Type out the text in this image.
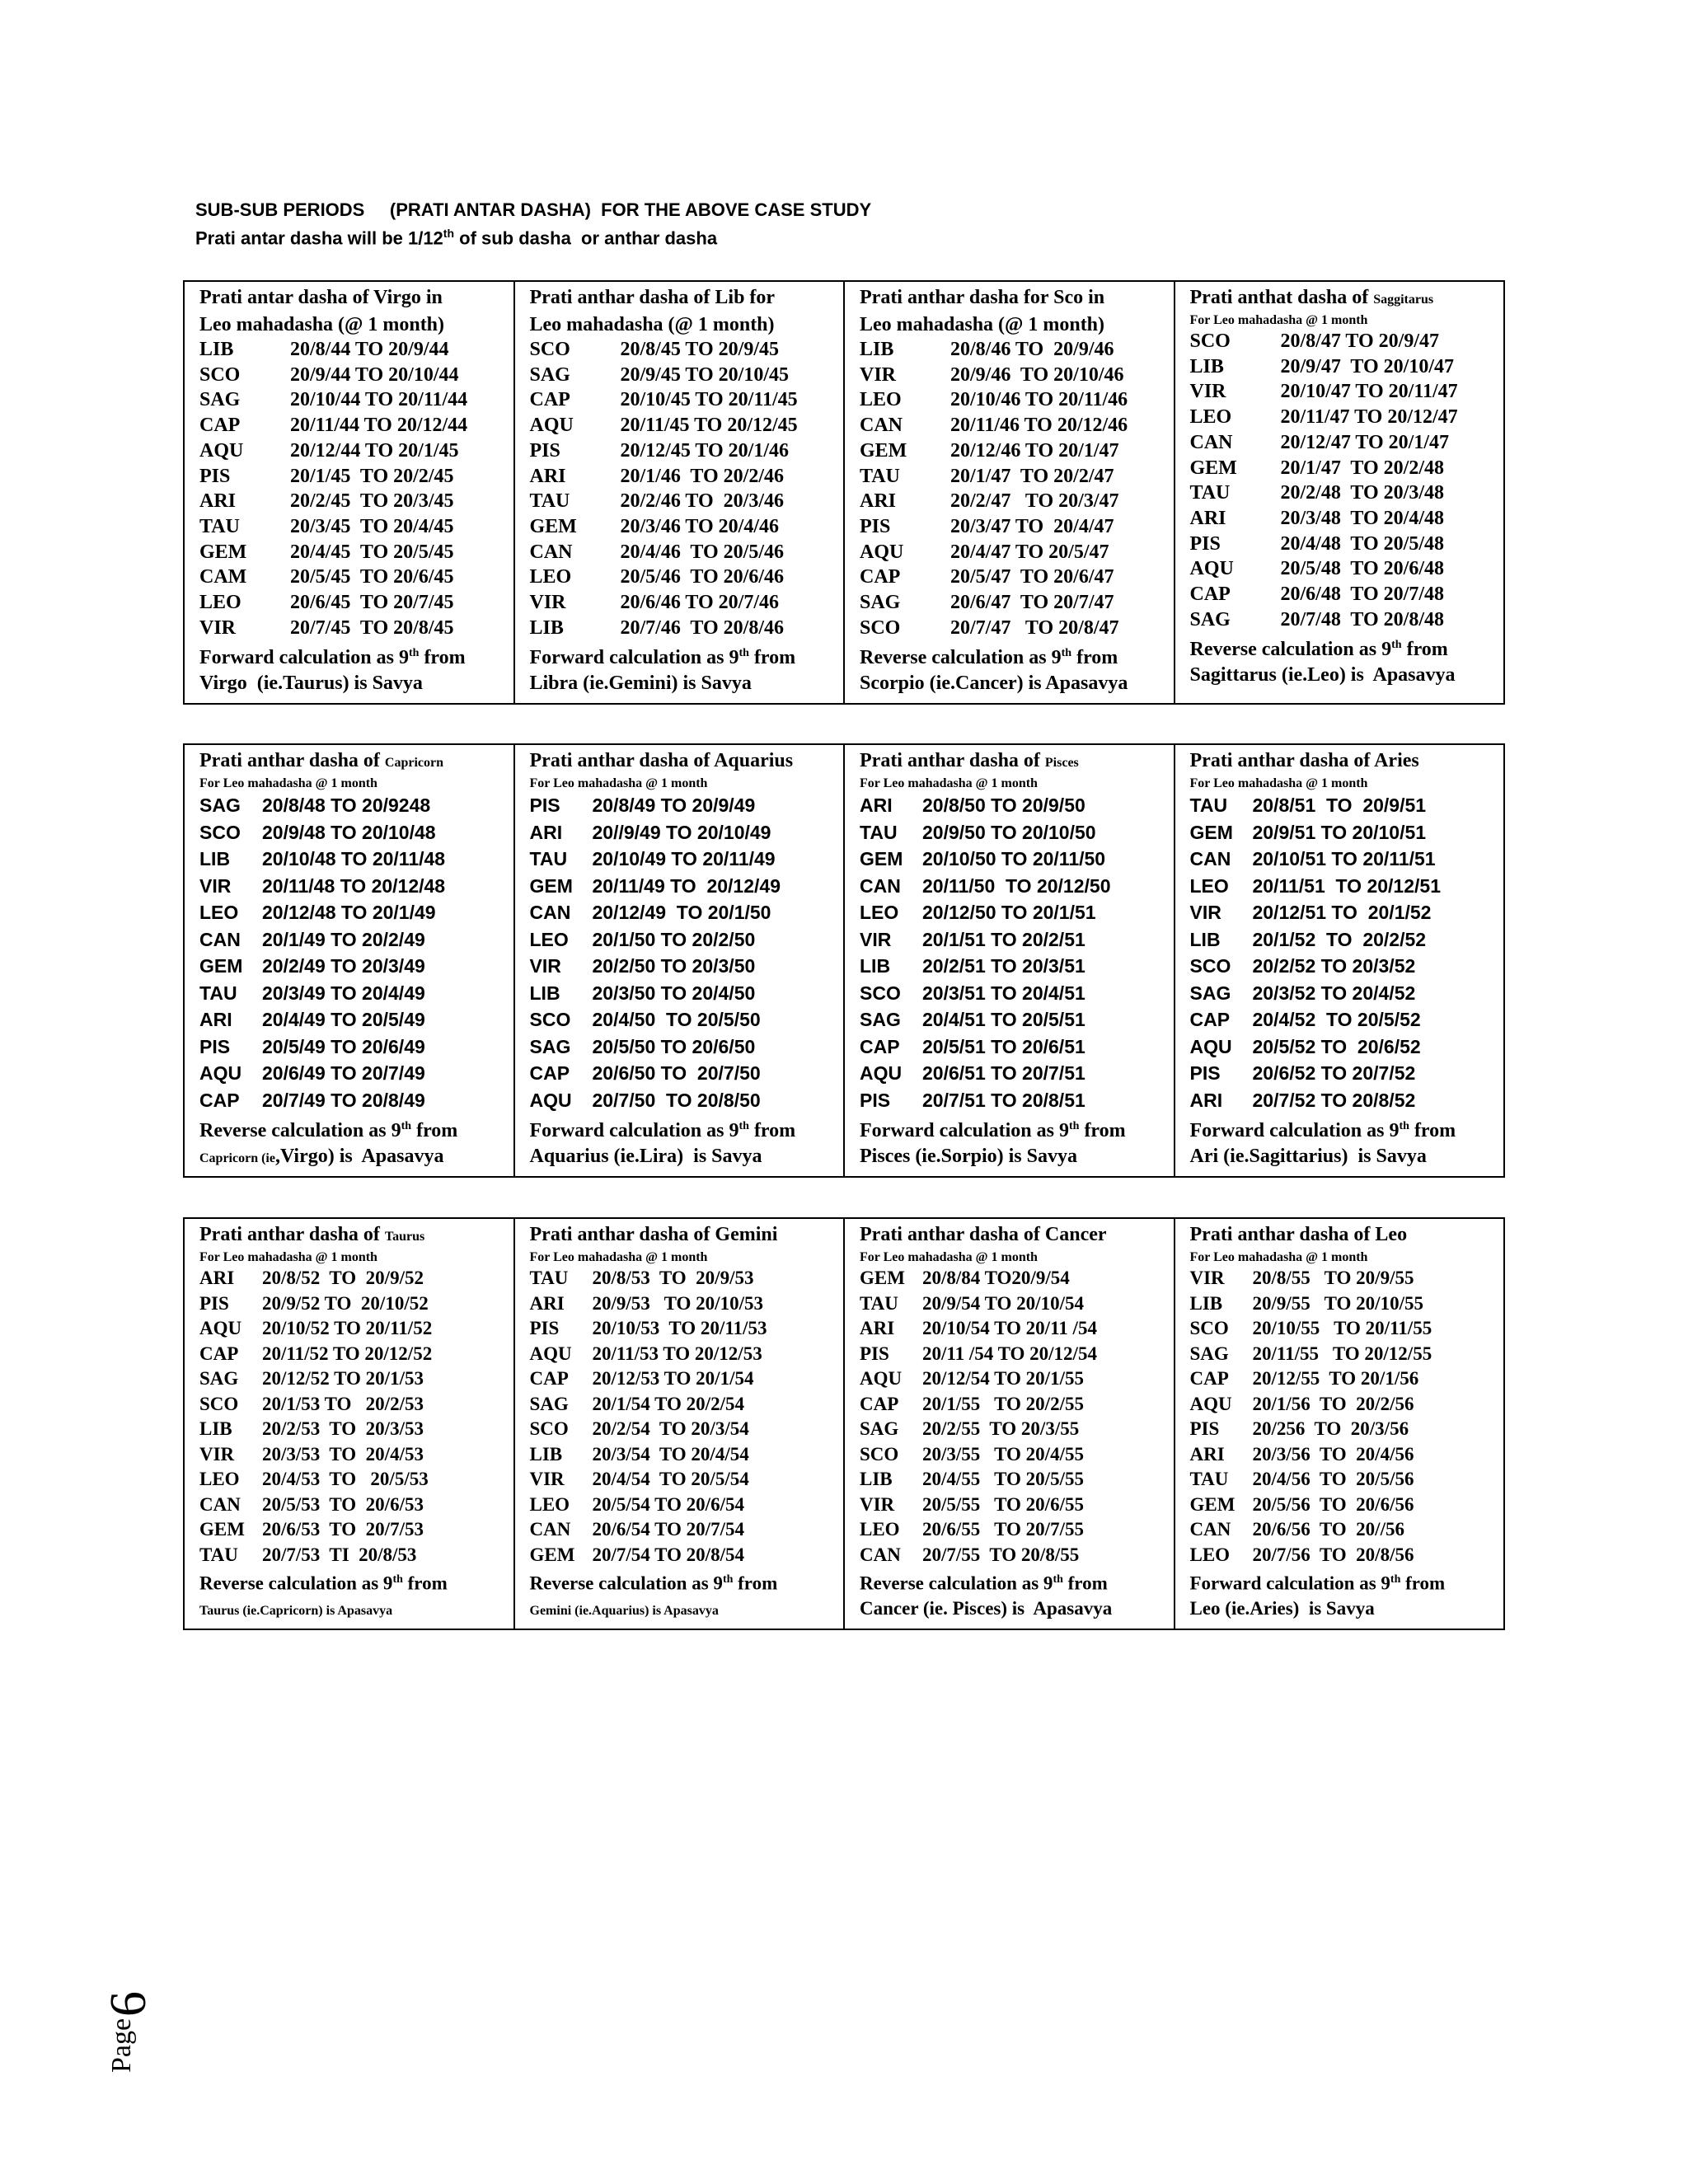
SUB-SUB PERIODS     (PRATI ANTAR DASHA)  FOR THE ABOVE CASE STUDY
Prati antar dasha will be 1/12th of sub dasha  or anthar dasha
Prati antar dasha of Virgo in
Leo mahadasha (@ 1 month)
LIB	20/8/44 TO 20/9/44
SCO	20/9/44 TO 20/10/44
SAG	20/10/44 TO 20/11/44
CAP	20/11/44 TO 20/12/44
AQU	20/12/44 TO 20/1/45
PIS	20/1/45  TO 20/2/45
ARI	20/2/45  TO 20/3/45
TAU	20/3/45  TO 20/4/45
GEM	20/4/45  TO 20/5/45
CAM	20/5/45  TO 20/6/45
LEO	20/6/45  TO 20/7/45
VIR	20/7/45  TO 20/8/45
Forward calculation as 9th from
Virgo  (ie.Taurus) is Savya

Prati anthar dasha of Lib for
Leo mahadasha (@ 1 month)
SCO	20/8/45 TO 20/9/45
SAG	20/9/45 TO 20/10/45
CAP	20/10/45 TO 20/11/45
AQU	20/11/45 TO 20/12/45
PIS	20/12/45 TO 20/1/46
ARI	20/1/46  TO 20/2/46
TAU	20/2/46 TO  20/3/46
GEM	20/3/46 TO 20/4/46
CAN	20/4/46  TO 20/5/46
LEO	20/5/46  TO 20/6/46
VIR	20/6/46 TO 20/7/46
LIB	20/7/46  TO 20/8/46
Forward calculation as 9th from
Libra (ie.Gemini) is Savya

Prati anthar dasha for Sco in
Leo mahadasha (@ 1 month)
LIB	20/8/46 TO  20/9/46
VIR	20/9/46  TO 20/10/46
LEO	20/10/46 TO 20/11/46
CAN	20/11/46 TO 20/12/46
GEM	20/12/46 TO 20/1/47
TAU	20/1/47  TO 20/2/47
ARI	20/2/47   TO 20/3/47
PIS	20/3/47 TO  20/4/47
AQU	20/4/47 TO 20/5/47
CAP	20/5/47  TO 20/6/47
SAG	20/6/47  TO 20/7/47
SCO	20/7/47   TO 20/8/47
Reverse calculation as 9th from
Scorpio (ie.Cancer) is Apasavya

Prati anthat dasha of Saggitarus
For Leo mahadasha @ 1 month
SCO	20/8/47 TO 20/9/47
LIB	20/9/47  TO 20/10/47
VIR	20/10/47 TO 20/11/47
LEO	20/11/47 TO 20/12/47
CAN	20/12/47 TO 20/1/47
GEM	20/1/47  TO 20/2/48
TAU	20/2/48  TO 20/3/48
ARI	20/3/48  TO 20/4/48
PIS	20/4/48  TO 20/5/48
AQU	20/5/48  TO 20/6/48
CAP	20/6/48  TO 20/7/48
SAG	20/7/48  TO 20/8/48
Reverse calculation as 9th from
Sagittarus (ie.Leo) is  Apasavya
Prati anthar dasha of Capricorn
For Leo mahadasha @ 1 month
SAG	20/8/48 TO 20/9248
SCO	20/9/48 TO 20/10/48
LIB	20/10/48 TO 20/11/48
VIR	20/11/48 TO 20/12/48
LEO	20/12/48 TO 20/1/49
CAN	20/1/49 TO 20/2/49
GEM	20/2/49 TO 20/3/49
TAU	20/3/49 TO 20/4/49
ARI	20/4/49 TO 20/5/49
PIS	20/5/49 TO 20/6/49
AQU	20/6/49 TO 20/7/49
CAP	20/7/49 TO 20/8/49
Reverse calculation as 9th from
Capricorn (ie,Virgo) is  Apasavya

Prati anthar dasha of Aquarius
For Leo mahadasha @ 1 month
PIS	20/8/49 TO 20/9/49
ARI	20//9/49 TO 20/10/49
TAU	20/10/49 TO 20/11/49
GEM	20/11/49 TO  20/12/49
CAN	20/12/49  TO 20/1/50
LEO	20/1/50 TO 20/2/50
VIR	20/2/50 TO 20/3/50
LIB	20/3/50 TO 20/4/50
SCO	20/4/50  TO 20/5/50
SAG	20/5/50 TO 20/6/50
CAP	20/6/50 TO  20/7/50
AQU	20/7/50  TO 20/8/50
Forward calculation as 9th from
Aquarius (ie.Lira)  is Savya

Prati anthar dasha of Pisces
For Leo mahadasha @ 1 month
ARI	20/8/50 TO 20/9/50
TAU	20/9/50 TO 20/10/50
GEM	20/10/50 TO 20/11/50
CAN	20/11/50  TO 20/12/50
LEO	20/12/50 TO 20/1/51
VIR	20/1/51 TO 20/2/51
LIB	20/2/51 TO 20/3/51
SCO	20/3/51 TO 20/4/51
SAG	20/4/51 TO 20/5/51
CAP	20/5/51 TO 20/6/51
AQU	20/6/51 TO 20/7/51
PIS	20/7/51 TO 20/8/51
Forward calculation as 9th from
Pisces (ie.Sorpio) is Savya

Prati anthar dasha of Aries
For Leo mahadasha @ 1 month
TAU	20/8/51  TO  20/9/51
GEM	20/9/51 TO 20/10/51
CAN	20/10/51 TO 20/11/51
LEO	20/11/51  TO 20/12/51
VIR	20/12/51 TO  20/1/52
LIB	20/1/52  TO  20/2/52
SCO	20/2/52 TO 20/3/52
SAG	20/3/52 TO 20/4/52
CAP	20/4/52  TO 20/5/52
AQU	20/5/52 TO  20/6/52
PIS	20/6/52 TO 20/7/52
ARI	20/7/52 TO 20/8/52
Forward calculation as 9th from
Ari (ie.Sagittarius)  is Savya
Prati anthar dasha of Taurus
For Leo mahadasha @ 1 month
ARI	20/8/52  TO  20/9/52
PIS	20/9/52 TO  20/10/52
AQU	20/10/52 TO 20/11/52
CAP	20/11/52 TO 20/12/52
SAG	20/12/52 TO 20/1/53
SCO	20/1/53 TO   20/2/53
LIB	20/2/53  TO  20/3/53
VIR	20/3/53  TO  20/4/53
LEO	20/4/53  TO   20/5/53
CAN	20/5/53  TO  20/6/53
GEM 20/6/53  TO  20/7/53
TAU	20/7/53  TI  20/8/53
Reverse calculation as 9th from
Taurus (ie.Capricorn) is Apasavya

Prati anthar dasha of Gemini
For Leo mahadasha @ 1 month
TAU	20/8/53  TO  20/9/53
ARI	20/9/53   TO 20/10/53
PIS	20/10/53  TO 20/11/53
AQU	20/11/53 TO 20/12/53
CAP	20/12/53 TO 20/1/54
SAG	20/1/54 TO 20/2/54
SCO	20/2/54  TO 20/3/54
LIB	20/3/54  TO 20/4/54
VIR	20/4/54  TO 20/5/54
LEO	20/5/54 TO 20/6/54
CAN	20/6/54 TO 20/7/54
GEM 20/7/54 TO 20/8/54
Reverse calculation as 9th from
Gemini (ie.Aquarius) is Apasavya

Prati anthar dasha of Cancer
For Leo mahadasha @ 1 month
GEM 20/8/84 TO20/9/54
TAU	20/9/54 TO 20/10/54
ARI	20/10/54 TO 20/11 /54
PIS	20/11 /54 TO 20/12/54
AQU	20/12/54 TO 20/1/55
CAP	20/1/55   TO 20/2/55
SAG	20/2/55  TO 20/3/55
SCO	20/3/55   TO 20/4/55
LIB	20/4/55   TO 20/5/55
VIR	20/5/55   TO 20/6/55
LEO	20/6/55   TO 20/7/55
CAN	20/7/55  TO 20/8/55
Reverse calculation as 9th from
Cancer (ie. Pisces) is  Apasavya

Prati anthar dasha of Leo
For Leo mahadasha @ 1 month
VIR	20/8/55   TO 20/9/55
LIB	20/9/55   TO 20/10/55
SCO	20/10/55   TO 20/11/55
SAG	20/11/55   TO 20/12/55
CAP	20/12/55  TO 20/1/56
AQU	20/1/56  TO  20/2/56
PIS	20/256  TO  20/3/56
ARI	20/3/56  TO  20/4/56
TAU	20/4/56  TO  20/5/56
GEM 20/5/56  TO  20/6/56
CAN	20/6/56  TO  20//56
LEO	20/7/56  TO  20/8/56
Forward calculation as 9th from
Leo (ie.Aries)  is Savya
Page
6
